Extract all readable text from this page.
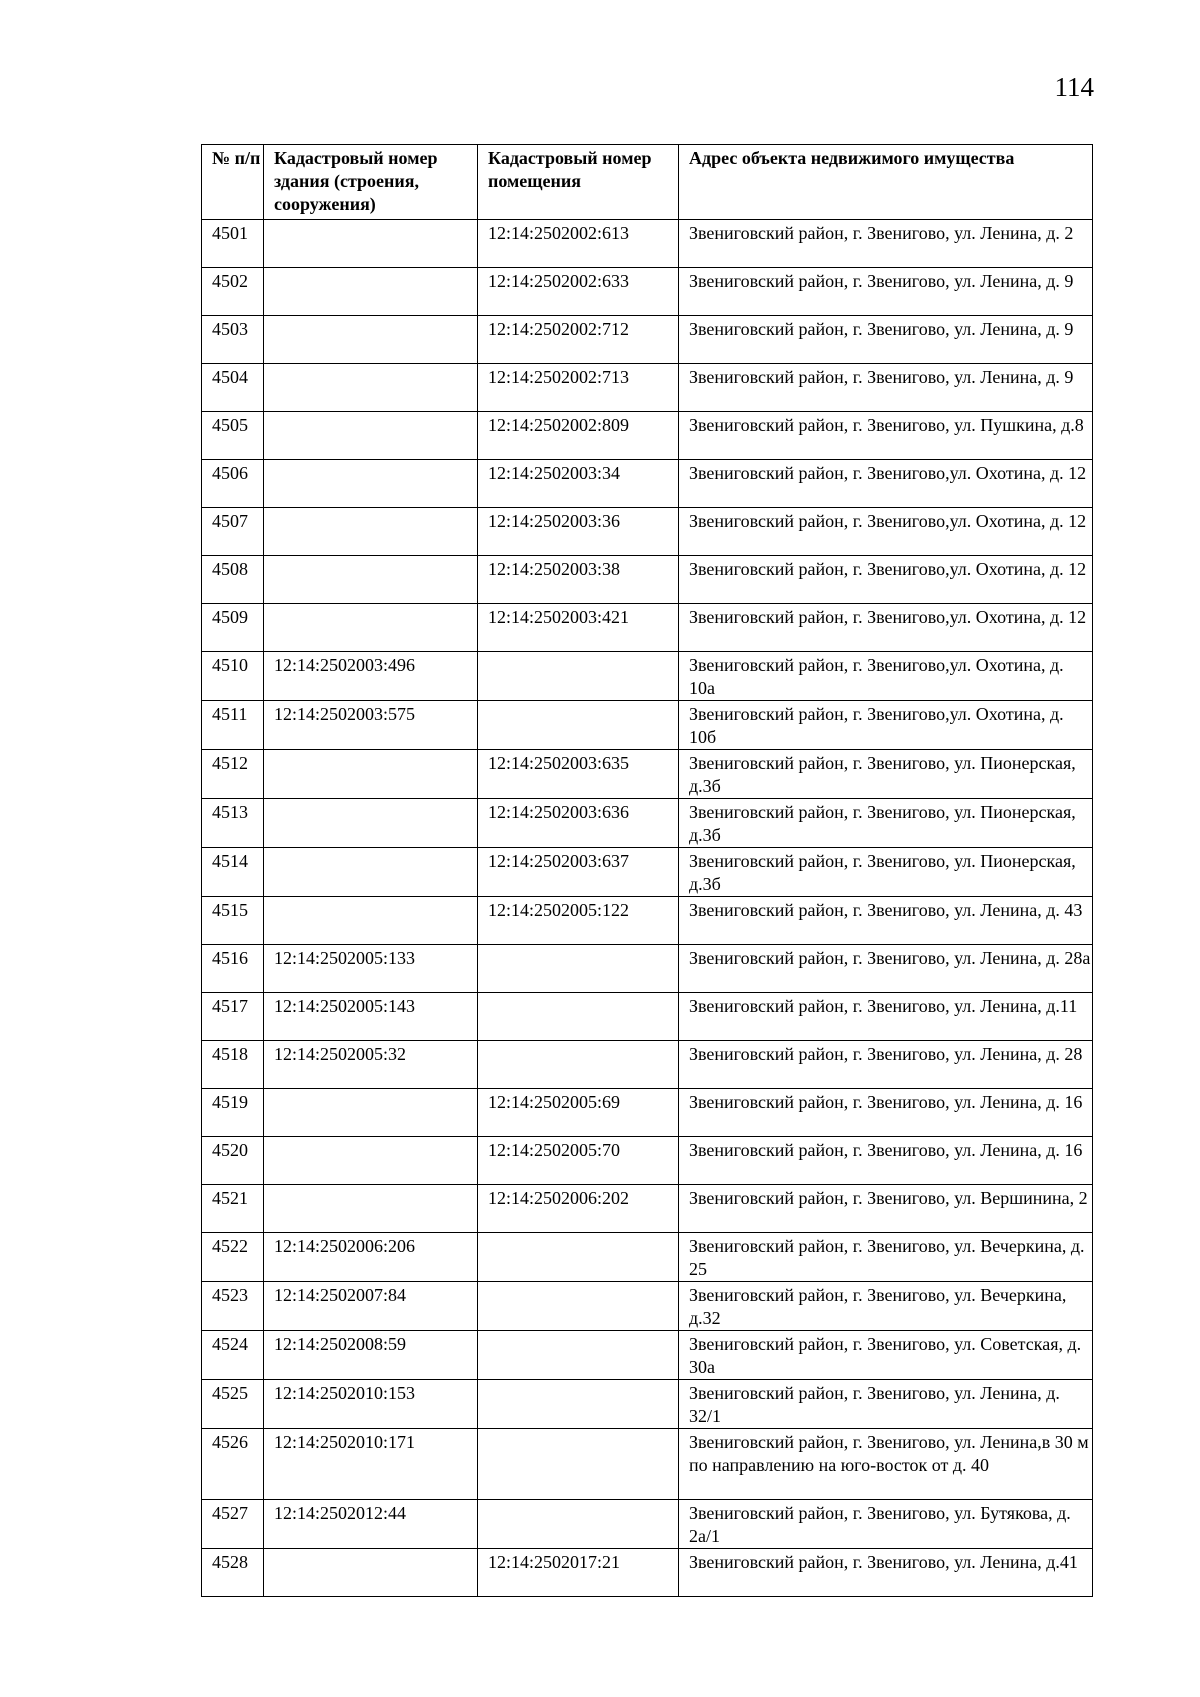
114
№ п/п	Кадастровый номер здания (строения, сооружения)	Кадастровый номер помещения	Адрес объекта недвижимого имущества
4501		12:14:2502002:613	Звениговский район, г. Звенигово, ул. Ленина, д. 2
4502		12:14:2502002:633	Звениговский район, г. Звенигово, ул. Ленина, д. 9
4503		12:14:2502002:712	Звениговский район, г. Звенигово, ул. Ленина, д. 9
4504		12:14:2502002:713	Звениговский район, г. Звенигово, ул. Ленина, д. 9
4505		12:14:2502002:809	Звениговский район, г. Звенигово, ул. Пушкина, д.8
4506		12:14:2502003:34	Звениговский район, г. Звенигово,ул. Охотина, д. 12
4507		12:14:2502003:36	Звениговский район, г. Звенигово,ул. Охотина, д. 12
4508		12:14:2502003:38	Звениговский район, г. Звенигово,ул. Охотина, д. 12
4509		12:14:2502003:421	Звениговский район, г. Звенигово,ул. Охотина, д. 12
4510	12:14:2502003:496		Звениговский район, г. Звенигово,ул. Охотина, д. 10а
4511	12:14:2502003:575		Звениговский район, г. Звенигово,ул. Охотина, д. 10б
4512		12:14:2502003:635	Звениговский район, г. Звенигово, ул. Пионерская, д.3б
4513		12:14:2502003:636	Звениговский район, г. Звенигово, ул. Пионерская, д.3б
4514		12:14:2502003:637	Звениговский район, г. Звенигово, ул. Пионерская, д.3б
4515		12:14:2502005:122	Звениговский район, г. Звенигово, ул. Ленина, д. 43
4516	12:14:2502005:133		Звениговский район, г. Звенигово, ул. Ленина, д. 28а
4517	12:14:2502005:143		Звениговский район, г. Звенигово, ул. Ленина, д.11
4518	12:14:2502005:32		Звениговский район, г. Звенигово, ул. Ленина, д. 28
4519		12:14:2502005:69	Звениговский район, г. Звенигово, ул. Ленина, д. 16
4520		12:14:2502005:70	Звениговский район, г. Звенигово, ул. Ленина, д. 16
4521		12:14:2502006:202	Звениговский район, г. Звенигово, ул. Вершинина, 2
4522	12:14:2502006:206		Звениговский район, г. Звенигово, ул. Вечеркина, д. 25
4523	12:14:2502007:84		Звениговский район, г. Звенигово, ул. Вечеркина, д.32
4524	12:14:2502008:59		Звениговский район, г. Звенигово, ул. Советская, д. 30а
4525	12:14:2502010:153		Звениговский район, г. Звенигово, ул. Ленина, д. 32/1
4526	12:14:2502010:171		Звениговский район, г. Звенигово, ул. Ленина,в 30 м по направлению на юго-восток от д. 40
4527	12:14:2502012:44		Звениговский район, г. Звенигово, ул. Бутякова, д. 2а/1
4528		12:14:2502017:21	Звениговский район, г. Звенигово, ул. Ленина, д.41
